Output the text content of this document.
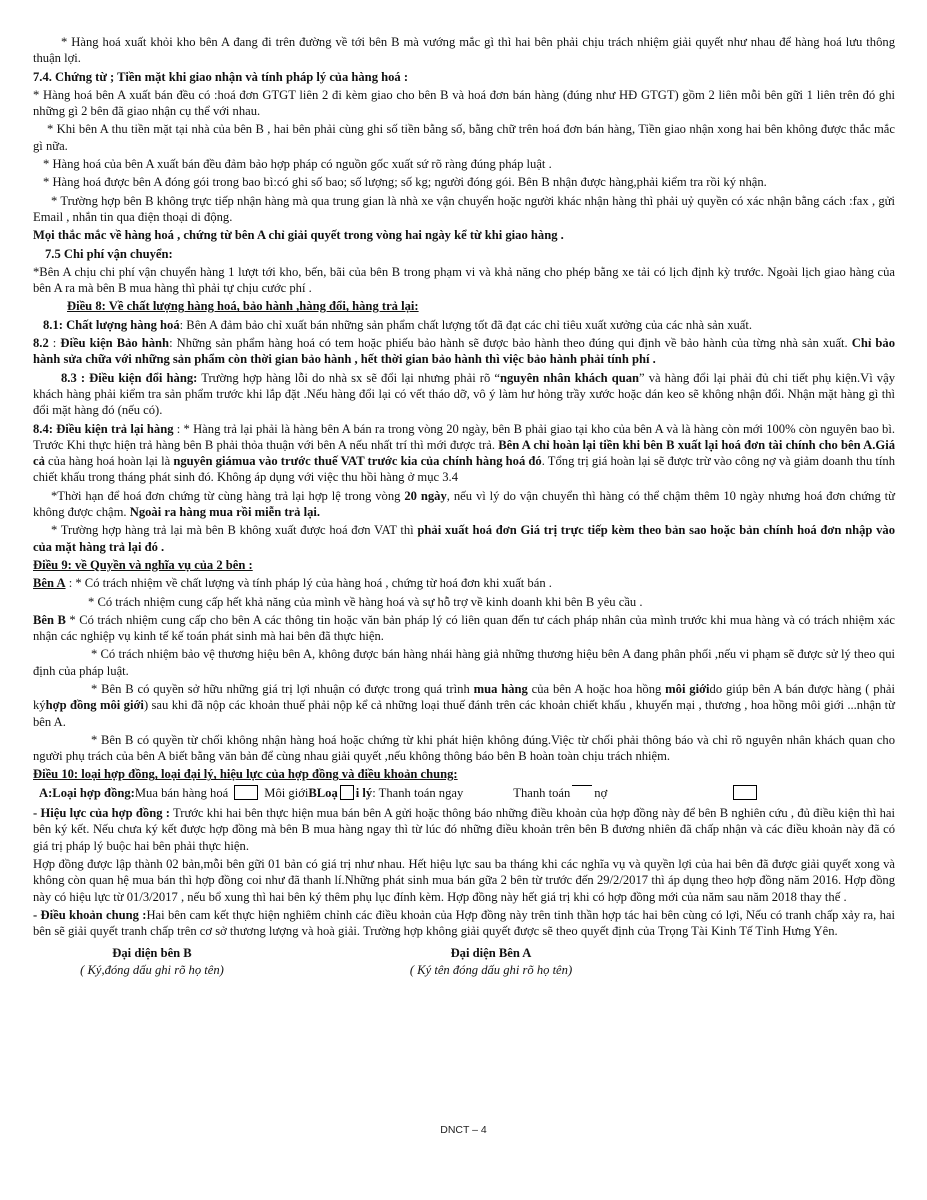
* Hàng hoá xuất khỏi kho bên A đang đi trên đường về tới bên B mà vướng mắc gì thì hai bên phải chịu trách nhiệm giải quyết như nhau để hàng hoá lưu thông thuận lợi.

7.4. Chứng từ ; Tiền mặt khi giao nhận và tính pháp lý của hàng hoá :

* Hàng hoá bên A xuất bán đều có :hoá đơn GTGT liên 2 đi kèm giao cho bên B và hoá đơn bán hàng (đúng như HĐ GTGT) gồm 2 liên mỗi bên gữi 1 liên trên đó ghi những gì 2 bên đã giao nhận cụ thể với nhau.

* Khi bên A thu tiền mặt tại nhà của bên B , hai bên phải cùng ghi số tiền bằng số, bằng chữ trên hoá đơn bán hàng, Tiền giao nhận xong hai bên không được thắc mắc gì nữa.

* Hàng hoá của bên A xuất bán đều đảm bảo hợp pháp có nguồn gốc xuất sứ rõ ràng đúng pháp luật .

* Hàng hoá được bên A đóng gói trong bao bì:có ghi số bao; số lượng; số kg; người đóng gói. Bên B nhận được hàng,phải kiểm tra rồi ký nhận.

* Trường hợp bên B không trực tiếp nhận hàng mà qua trung gian là nhà xe vận chuyển hoặc người khác nhận hàng thì phải uỷ quyền có xác nhận bằng cách :fax , gửi Email , nhắn tin qua điện thoại di động.

Mọi thắc mắc về hàng hoá , chứng từ bên A chỉ giải quyết trong vòng hai ngày kể từ khi giao hàng .

7.5 Chi phí vận chuyển:

*Bên A chịu chi phí vận chuyển hàng 1 lượt tới kho, bến, bãi của bên B trong phạm vi và khả năng cho phép bằng xe tải có lịch định kỳ trước. Ngoài lịch giao hàng của bên A ra mà bên B mua hàng thì phải tự chịu cước phí .

Điều 8: Về chất lượng hàng hoá, bảo hành ,hàng đổi, hàng trả lại:

8.1: Chất lượng hàng hoá: Bên A đảm bảo chỉ xuất bán những sản phẩm chất lượng tốt đã đạt các chỉ tiêu xuất xưởng của các nhà sản xuất.

8.2 : Điều kiện Bảo hành: Những sản phẩm hàng hoá có tem hoặc phiếu bảo hành sẽ được bảo hành theo đúng qui định về bảo hành của từng nhà sản xuất. Chỉ bảo hành sửa chữa với những sản phẩm còn thời gian bảo hành , hết thời gian bảo hành thì việc bảo hành phải tính phí .

8.3 : Điều kiện đổi hàng: Trường hợp hàng lỗi do nhà sx sẽ đổi lại nhưng phải rõ “nguyên nhân khách quan” và hàng đổi lại phải đủ chi tiết phụ kiện.Vì vậy khách hàng phải kiểm tra sản phẩm trước khi lắp đặt .Nếu hàng đổi lại có vết tháo dỡ, vô ý làm hư hỏng trầy xước hoặc dán keo sẽ không nhận đổi. Nhận mặt hàng gì thì đổi mặt hàng đó (nếu có).

8.4: Điều kiện trả lại hàng : * Hàng trả lại phải là hàng bên A bán ra trong vòng 20 ngày, bên B phải giao tại kho của bên A và là hàng còn mới 100% còn nguyên bao bì. Trước Khi thực hiện trả hàng bên B phải thỏa thuận với bên A nếu nhất trí thì mới được trả. Bên A chỉ hoàn lại tiền khi bên B xuất lại hoá đơn tài chính cho bên A.Giá cả của hàng hoá hoàn lại là nguyên giámua vào trước thuế VAT trước kia của chính hàng hoá đó. Tổng trị giá hoàn lại sẽ được trừ vào công nợ và giảm doanh thu tính chiết khấu trong tháng phát sinh đó. Không áp dụng với việc thu hồi hàng ở mục 3.4

*Thời hạn để hoá đơn chứng từ cùng hàng trả lại hợp lệ trong vòng 20 ngày, nếu vì lý do vận chuyển thì hàng có thể chậm thêm 10 ngày nhưng hoá đơn chứng từ không được chậm. Ngoài ra hàng mua rồi miễn trả lại.

* Trường hợp hàng trả lại mà bên B không xuất được hoá đơn VAT thì phải xuất hoá đơn Giá trị trực tiếp kèm theo bản sao hoặc bản chính hoá đơn nhập vào của mặt hàng trả lại đó .

Điều 9: về Quyền và nghĩa vụ của 2 bên :

Bên A : * Có trách nhiệm về chất lượng và tính pháp lý của hàng hoá , chứng từ hoá đơn khi xuất bán .

* Có trách nhiệm cung cấp hết khả năng của mình về hàng hoá và sự hỗ trợ về kinh doanh khi bên B yêu cầu .

Bên B * Có trách nhiệm cung cấp cho bên A các thông tin hoặc văn bản pháp lý có liên quan đến tư cách pháp nhân của mình trước khi mua hàng và có trách nhiệm xác nhận các nghiệp vụ kinh tế kế toán phát sinh mà hai bên đã thực hiện.

* Có trách nhiệm bảo vệ thương hiệu bên A, không được bán hàng nhái hàng giả những thương hiệu bên A đang phân phối ,nếu vi phạm sẽ được sử lý theo qui định của pháp luật.

* Bên B có quyền sở hữu những giá trị lợi nhuận có được trong quá trình mua hàng của bên A hoặc hoa hồng môi giớido giúp bên A bán được hàng ( phải kýhợp đồng môi giới) sau khi đã nộp các khoản thuế phải nộp kể cả những loại thuế đánh trên các khoản chiết khấu , khuyến mại , thương , hoa hồng môi giới ...nhận từ bên A.

* Bên B có quyền từ chối không nhận hàng hoá hoặc chứng từ khi phát hiện không đúng.Việc từ chối phải thông báo và chỉ rõ nguyên nhân khách quan cho người phụ trách của bên A biết bằng văn bản để cùng nhau giải quyết ,nếu không thông báo bên B hoàn toàn chịu trách nhiệm.

Điều 10: loại hợp đồng, loại đại lý, hiệu lực của hợp đồng và điều khoản chung:

A:Loại hợp đồng: Mua bán hàng hoá	Môi giới BLoạ i lý : Thanh toán ngay	Thanh toán nợ

- Hiệu lực của hợp đồng : Trước khi hai bên thực hiện mua bán bên A gửi hoặc thông báo những điều khoản của hợp đồng này để bên B nghiên cứu , đủ điều kiện thì hai bên ký kết. Nếu chưa ký kết được hợp đồng mà bên B mua hàng ngay thì từ lúc đó những điều khoản trên bên B đương nhiên đã chấp nhận và các điều khoản này đã có giá trị pháp lý buộc hai bên phải thực hiện.

Hợp đồng được lập thành 02 bản,mỗi bên gữi 01 bản có giá trị như nhau. Hết hiệu lực sau ba tháng khi các nghĩa vụ và quyền lợi của hai bên đã được giải quyết xong và không còn quan hệ mua bán thì hợp đồng coi như đã thanh lí.Những phát sinh mua bán gữa 2 bên từ trước đến 29/2/2017 thì áp dụng theo hợp đồng năm 2016. Hợp đồng này có hiệu lực từ 01/3/2017 , nếu bổ xung thì hai bên ký thêm phụ lục đính kèm. Hợp đồng này hết giá trị khi có hợp đồng mới của năm sau năm 2018 thay thế .

- Điều khoản chung :Hai bên cam kết thực hiện nghiêm chỉnh các điều khoản của Hợp đồng này trên tinh thần hợp tác hai bên cùng có lợi, Nếu có tranh chấp xảy ra, hai bên sẽ giải quyết tranh chấp trên cơ sở thương lượng và hoà giải. Trường hợp không giải quyết được sẽ theo quyết định của Trọng Tài Kinh Tế Tỉnh Hưng Yên.

Đại diện bên B
( Ký,đóng dấu ghi rõ họ tên)
Đại diện Bên A
( Ký tên đóng dấu ghi rõ họ tên)
DNCT – 4
